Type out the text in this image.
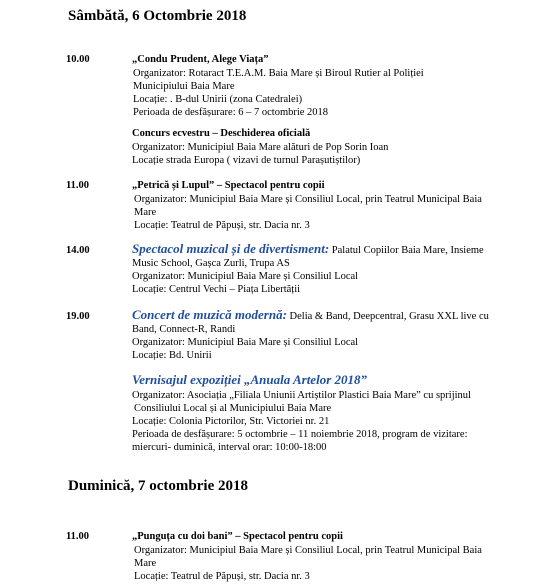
Sâmbătă, 6 Octombrie 2018
10.00	„Condu Prudent, Alege Viața”
Organizator: Rotaract T.E.A.M. Baia Mare și Biroul Rutier al Poliției
Municipiului Baia Mare
Locație: . B-dul Unirii (zona Catedralei)
Perioada de desfășurare: 6 – 7 octombrie 2018
Concurs ecvestru – Deschiderea oficială
Organizator: Municipiul Baia Mare alături de Pop Sorin Ioan
Locație strada Europa ( vizavi de turnul Parașutiștilor)
11.00	„Petrică și Lupul” – Spectacol pentru copii
Organizator: Municipiul Baia Mare și Consiliul Local, prin Teatrul Municipal Baia
Mare
Locație: Teatrul de Păpuși, str. Dacia nr. 3
14.00	Spectacol muzical și de divertisment: Palatul Copiilor Baia Mare, Insieme
Music School, Gașca Zurli, Trupa AS
Organizator: Municipiul Baia Mare și Consiliul Local
Locație: Centrul Vechi – Piața Libertății
19.00	Concert de muzică modernă: Delia & Band, Deepcentral, Grasu XXL live cu
Band, Connect-R, Randi
Organizator: Municipiul Baia Mare și Consiliul Local
Locație: Bd. Unirii
Vernisajul expoziției „Anuala Artelor 2018”
Organizator: Asociația „Filiala Uniunii Artiștilor Plastici Baia Mare” cu sprijinul
Consiliului Local și al Municipiului Baia Mare
Locație: Colonia Pictorilor, Str. Victoriei nr. 21
Perioada de desfășurare: 5 octombrie – 11 noiembrie 2018, program de vizitare:
miercuri- duminică, interval orar: 10:00-18:00
Duminică, 7 octombrie 2018
11.00	„Punguța cu doi bani” – Spectacol pentru copii
Organizator: Municipiul Baia Mare și Consiliul Local, prin Teatrul Municipal Baia
Mare
Locație: Teatrul de Păpuși, str. Dacia nr. 3
